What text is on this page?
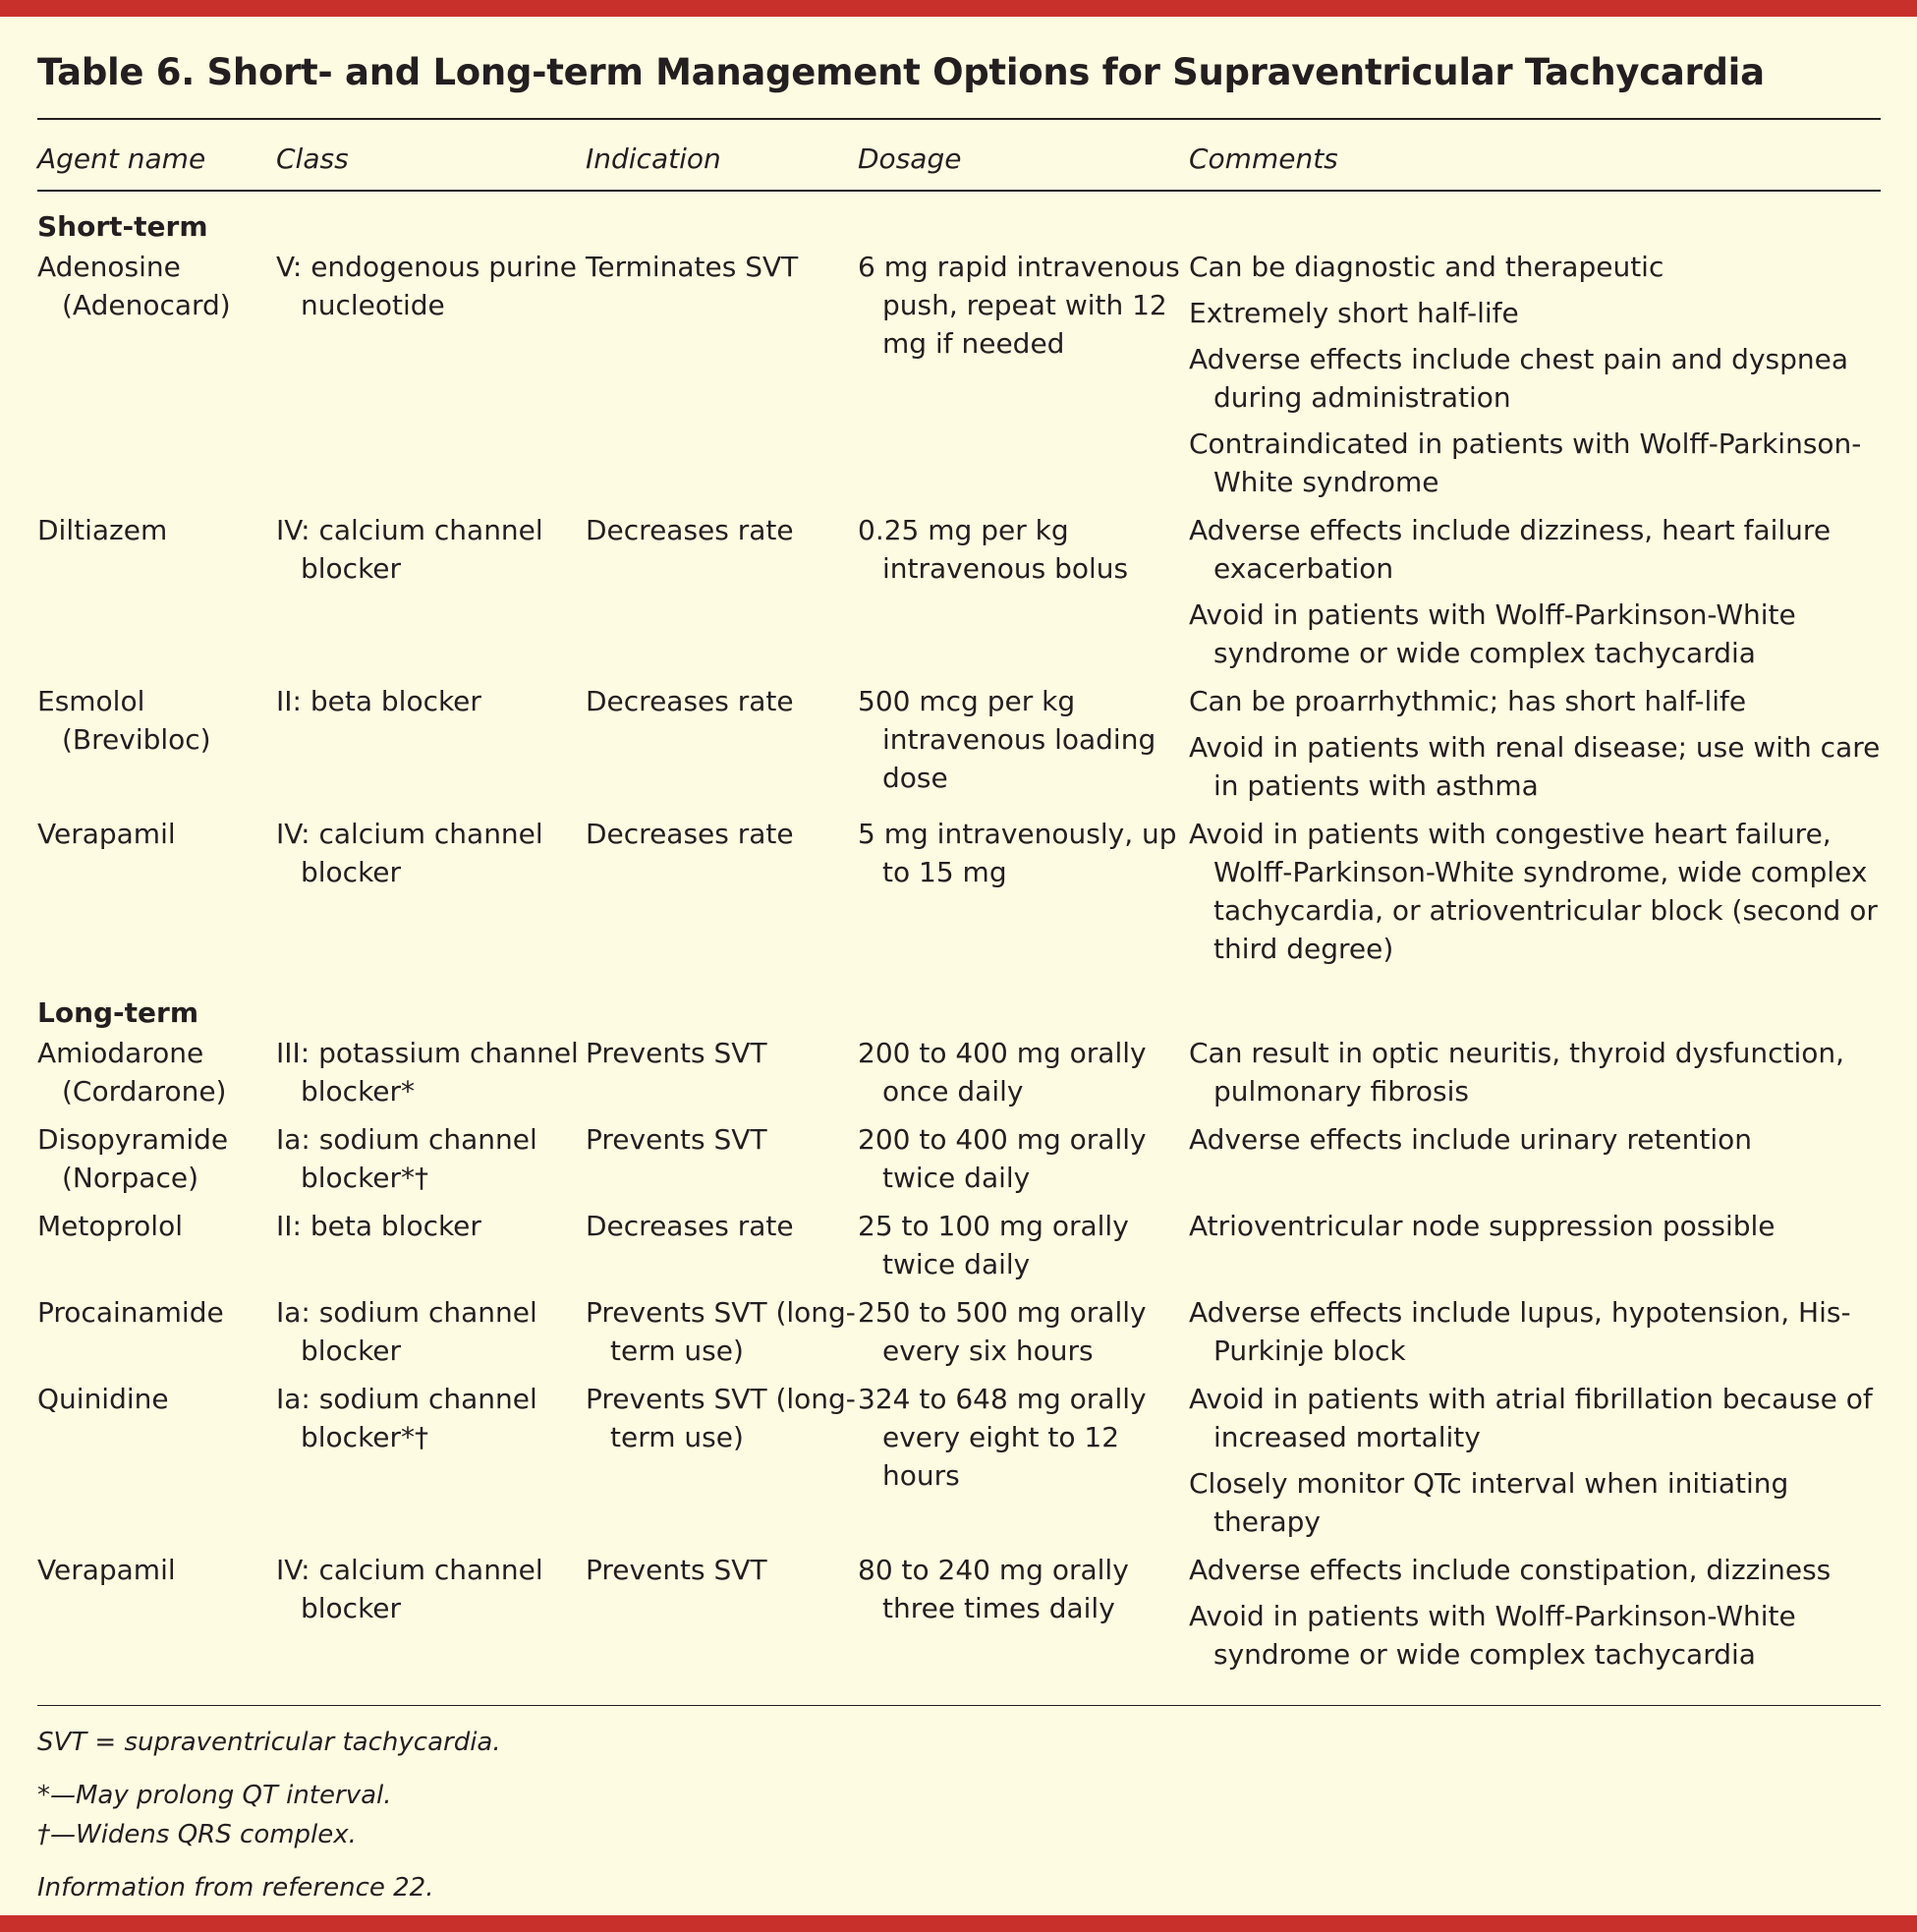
Table 6. Short- and Long-term Management Options for Supraventricular Tachycardia
Agent name	Class	Indication	Dosage	Comments
Short-term				

Adenosine (Adenocard)	V: endogenous purine nucleotide	Terminates SVT	6 mg rapid intravenous push, repeat with 12 mg if needed	Can be diagnostic and therapeutic
Extremely short half-life
Adverse effects include chest pain and dyspnea during administration
Contraindicated in patients with Wolff-Parkinson-White syndrome

Diltiazem	IV: calcium channel blocker	Decreases rate	0.25 mg per kg intravenous bolus	Adverse effects include dizziness, heart failure exacerbation
Avoid in patients with Wolff-Parkinson-White syndrome or wide complex tachycardia

Esmolol (Brevibloc)	II: beta blocker	Decreases rate	500 mcg per kg intravenous loading dose	Can be proarrhythmic; has short half-life
Avoid in patients with renal disease; use with care in patients with asthma

Verapamil	IV: calcium channel blocker	Decreases rate	5 mg intravenously, up to 15 mg	Avoid in patients with congestive heart failure, Wolff-Parkinson-White syndrome, wide complex tachycardia, or atrioventricular block (second or third degree)

Long-term				

Amiodarone (Cordarone)	III: potassium channel blocker*	Prevents SVT	200 to 400 mg orally once daily	Can result in optic neuritis, thyroid dysfunction, pulmonary fibrosis

Disopyramide (Norpace)	Ia: sodium channel blocker*†	Prevents SVT	200 to 400 mg orally twice daily	Adverse effects include urinary retention

Metoprolol	II: beta blocker	Decreases rate	25 to 100 mg orally twice daily	Atrioventricular node suppression possible

Procainamide	Ia: sodium channel blocker	Prevents SVT (long-term use)	250 to 500 mg orally every six hours	Adverse effects include lupus, hypotension, His-Purkinje block

Quinidine	Ia: sodium channel blocker*†	Prevents SVT (long-term use)	324 to 648 mg orally every eight to 12 hours	Avoid in patients with atrial fibrillation because of increased mortality
Closely monitor QTc interval when initiating therapy

Verapamil	IV: calcium channel blocker	Prevents SVT	80 to 240 mg orally three times daily	Adverse effects include constipation, dizziness
Avoid in patients with Wolff-Parkinson-White syndrome or wide complex tachycardia

SVT = supraventricular tachycardia.

*—May prolong QT interval.

†—Widens QRS complex.

Information from reference 22.
